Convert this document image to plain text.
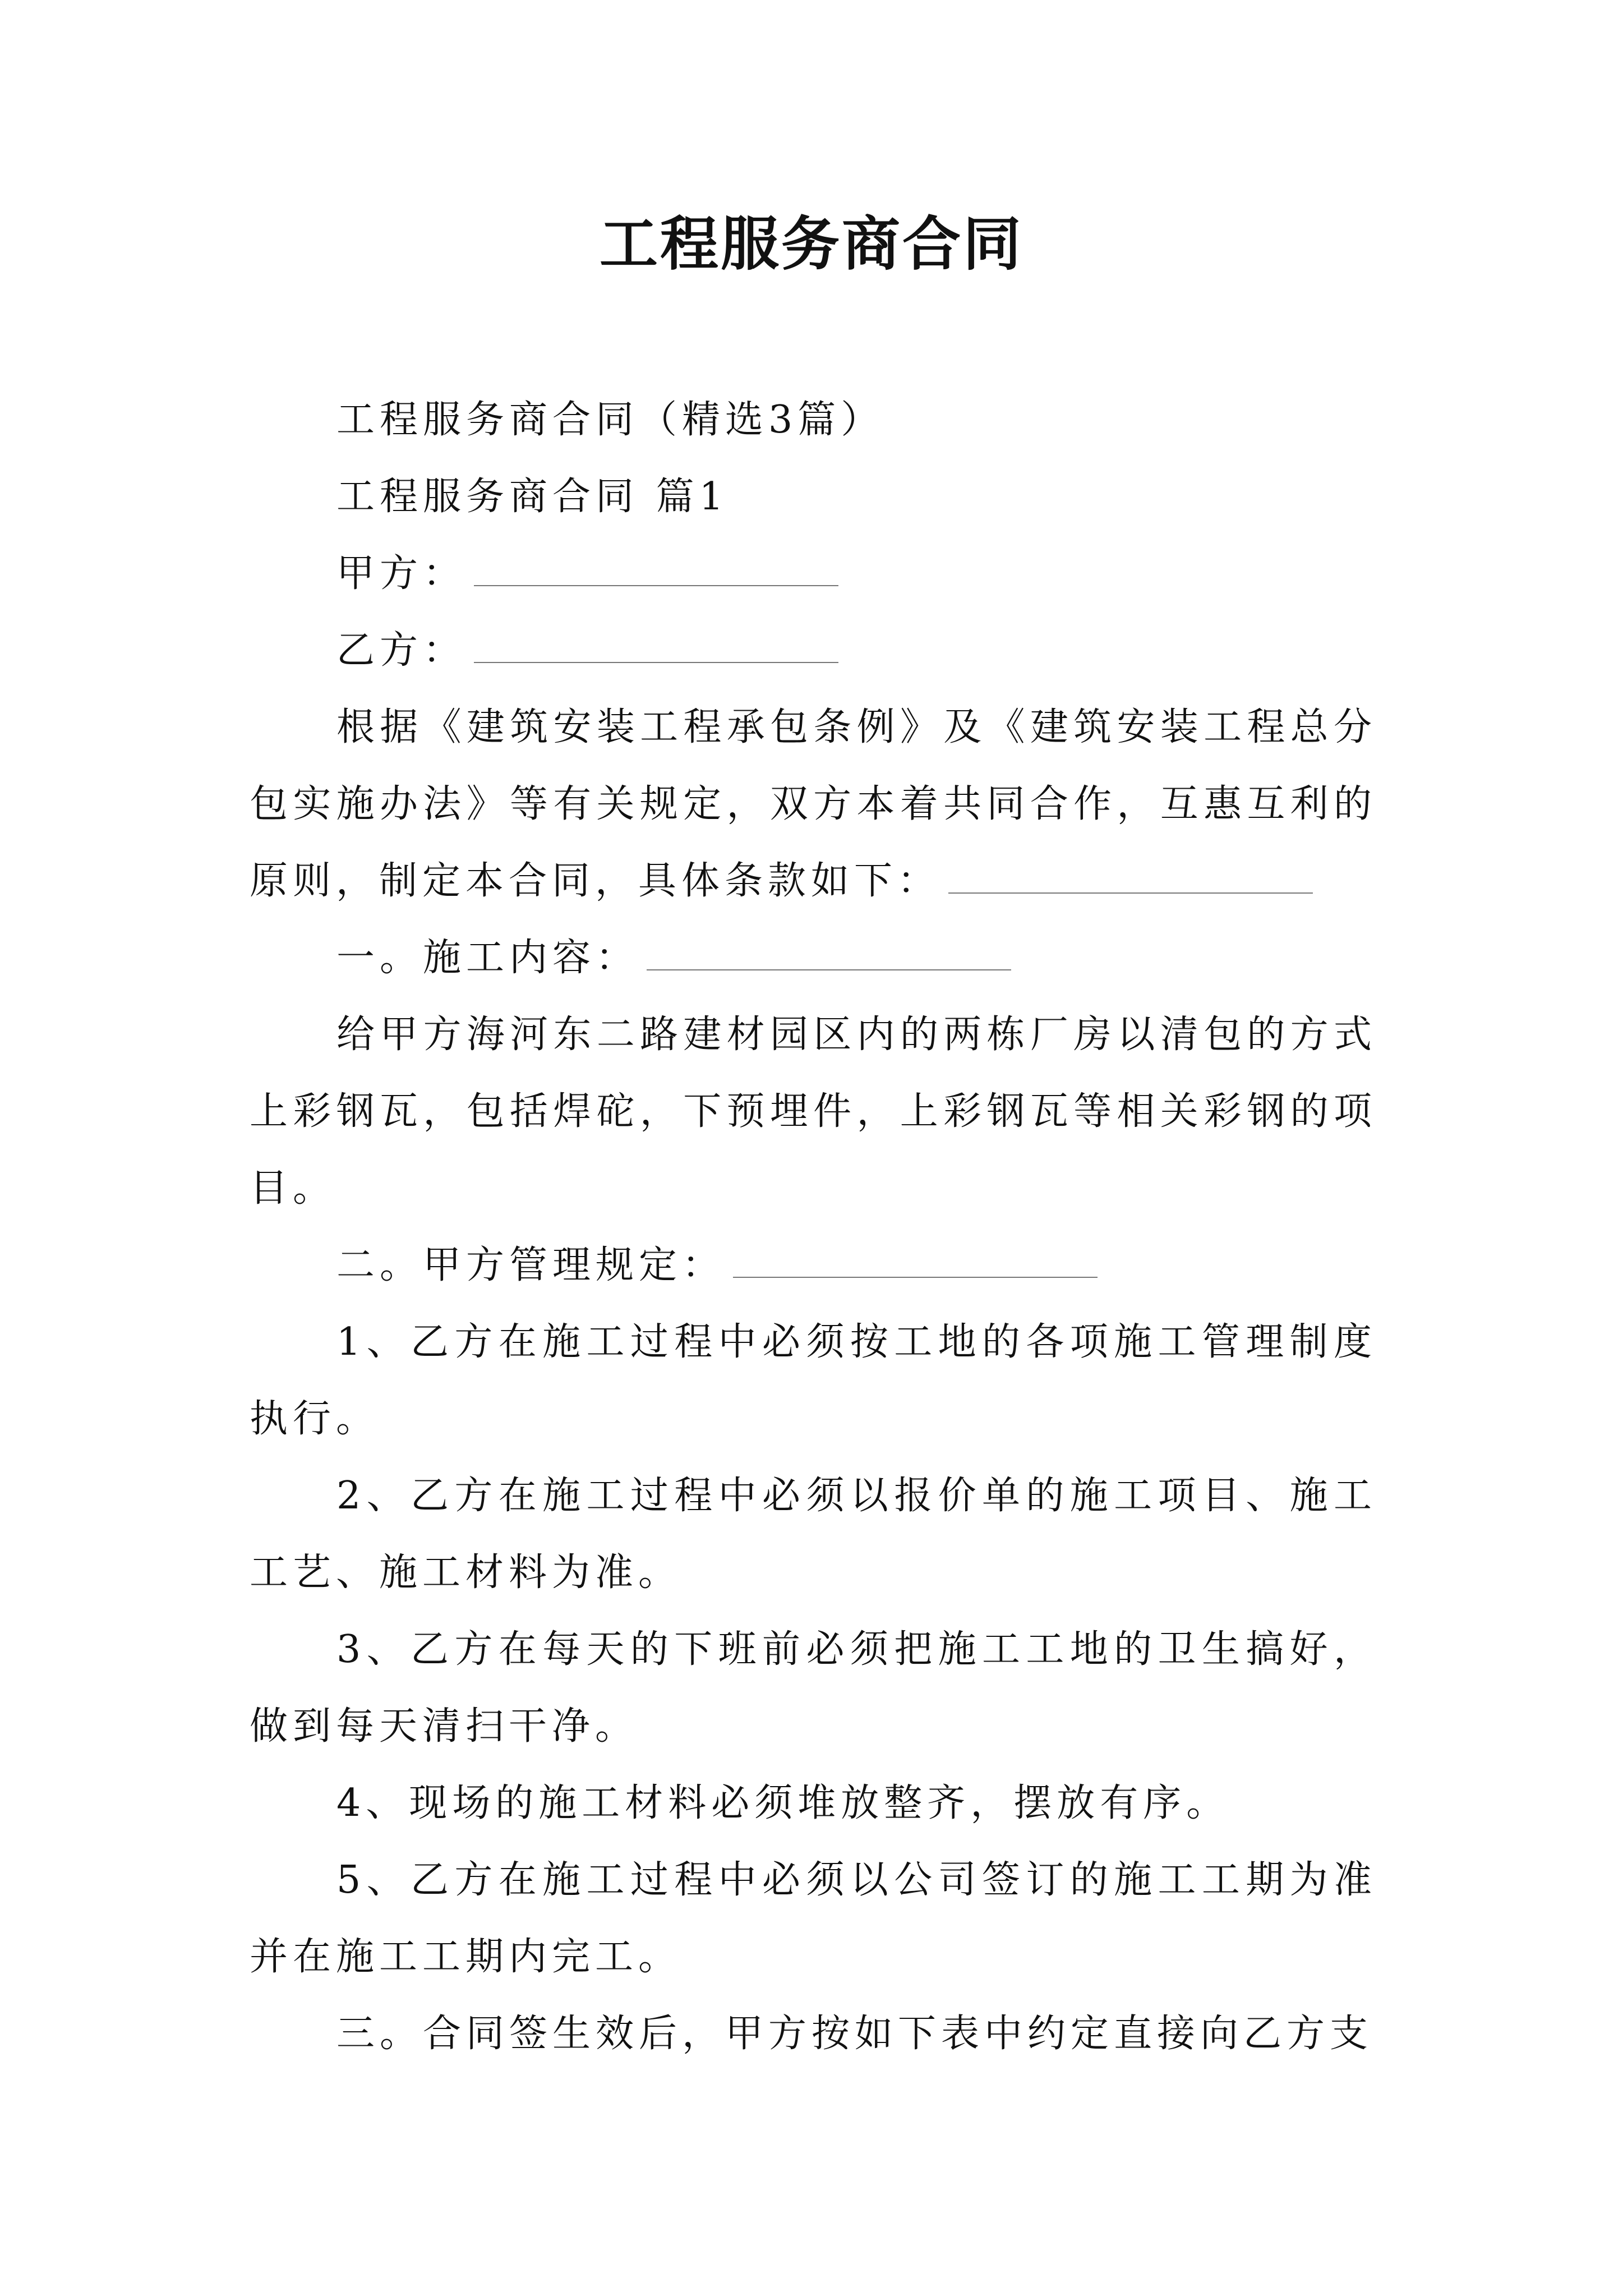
工程服务商合同

工程服务商合同（精选3篇）

工程服务商合同 篇1

甲方：

乙方：

根据《建筑安装工程承包条例》及《建筑安装工程总分包实施办法》等有关规定，双方本着共同合作，互惠互利的原则，制定本合同，具体条款如下：

一。施工内容：

给甲方海河东二路建材园区内的两栋厂房以清包的方式上彩钢瓦，包括焊砣，下预埋件，上彩钢瓦等相关彩钢的项目。

二。甲方管理规定：

1、乙方在施工过程中必须按工地的各项施工管理制度执行。

2、乙方在施工过程中必须以报价单的施工项目、施工工艺、施工材料为准。

3、乙方在每天的下班前必须把施工工地的卫生搞好，做到每天清扫干净。

4、现场的施工材料必须堆放整齐，摆放有序。

5、乙方在施工过程中必须以公司签订的施工工期为准并在施工工期内完工。

三。合同签生效后，甲方按如下表中约定直接向乙方支
